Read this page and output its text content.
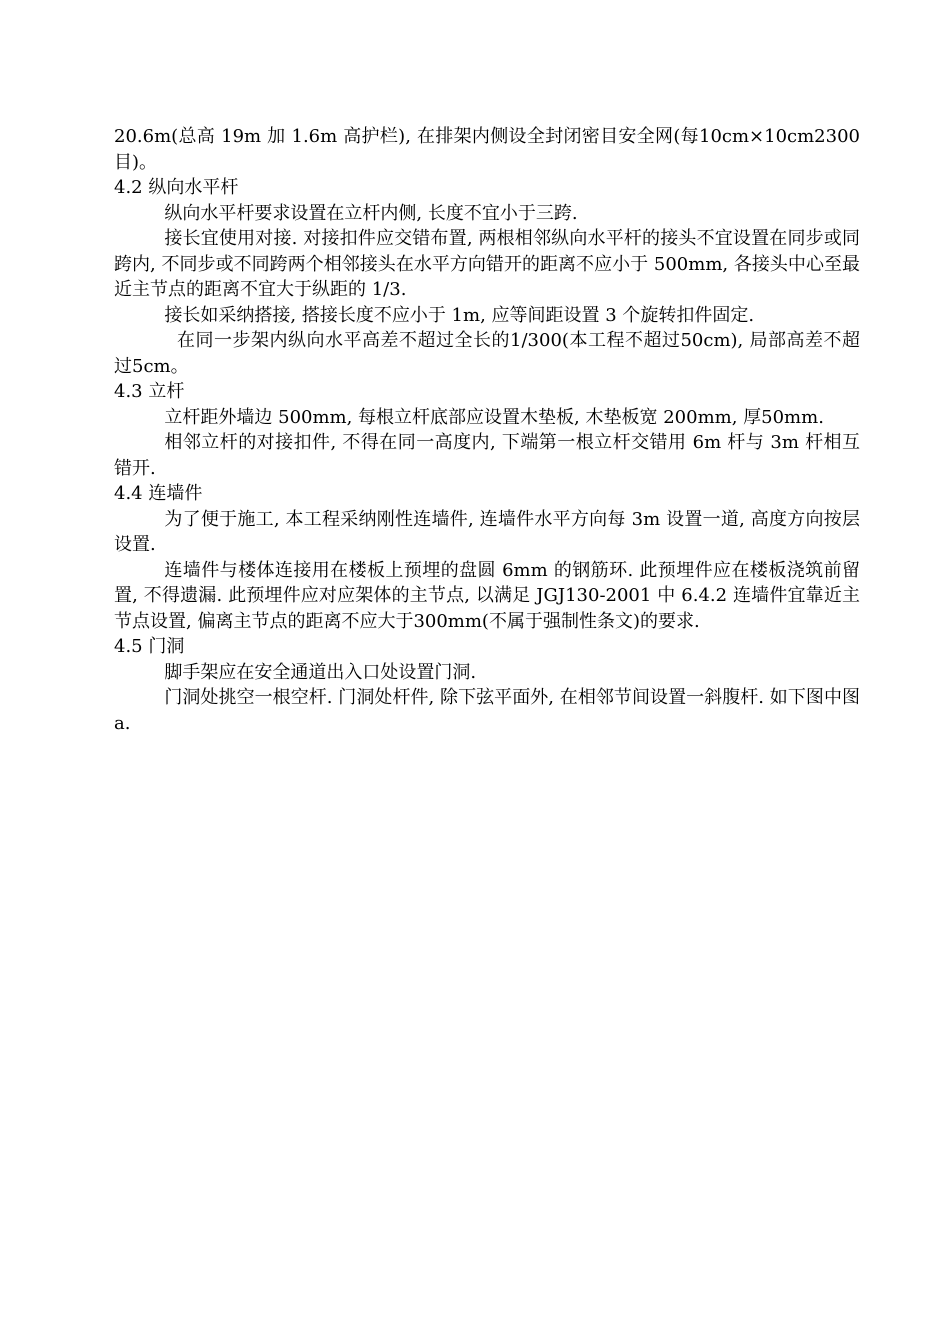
20.6m(总高 19m 加 1.6m 高护栏), 在排架内侧设全封闭密目安全网(每10cm×10cm2300 目)。

4.2 纵向水平杆

纵向水平杆要求设置在立杆内侧, 长度不宜小于三跨.

接长宜使用对接. 对接扣件应交错布置, 两根相邻纵向水平杆的接头不宜设置在同步或同跨内, 不同步或不同跨两个相邻接头在水平方向错开的距离不应小于 500mm, 各接头中心至最近主节点的距离不宜大于纵距的 1/3.

接长如采纳搭接, 搭接长度不应小于 1m, 应等间距设置 3 个旋转扣件固定.

在同一步架内纵向水平高差不超过全长的1/300(本工程不超过50cm), 局部高差不超过5cm。

4.3 立杆

立杆距外墙边 500mm, 每根立杆底部应设置木垫板, 木垫板宽 200mm, 厚50mm.

相邻立杆的对接扣件, 不得在同一高度内, 下端第一根立杆交错用 6m 杆与 3m 杆相互错开.

4.4 连墙件

为了便于施工, 本工程采纳刚性连墙件, 连墙件水平方向每 3m 设置一道, 高度方向按层设置.

连墙件与楼体连接用在楼板上预埋的盘圆 6mm 的钢筋环. 此预埋件应在楼板浇筑前留置, 不得遗漏. 此预埋件应对应架体的主节点, 以满足 JGJ130-2001 中 6.4.2 连墙件宜靠近主节点设置, 偏离主节点的距离不应大于300mm(不属于强制性条文)的要求.

4.5 门洞

脚手架应在安全通道出入口处设置门洞.

门洞处挑空一根空杆. 门洞处杆件, 除下弦平面外, 在相邻节间设置一斜腹杆. 如下图中图 a.
